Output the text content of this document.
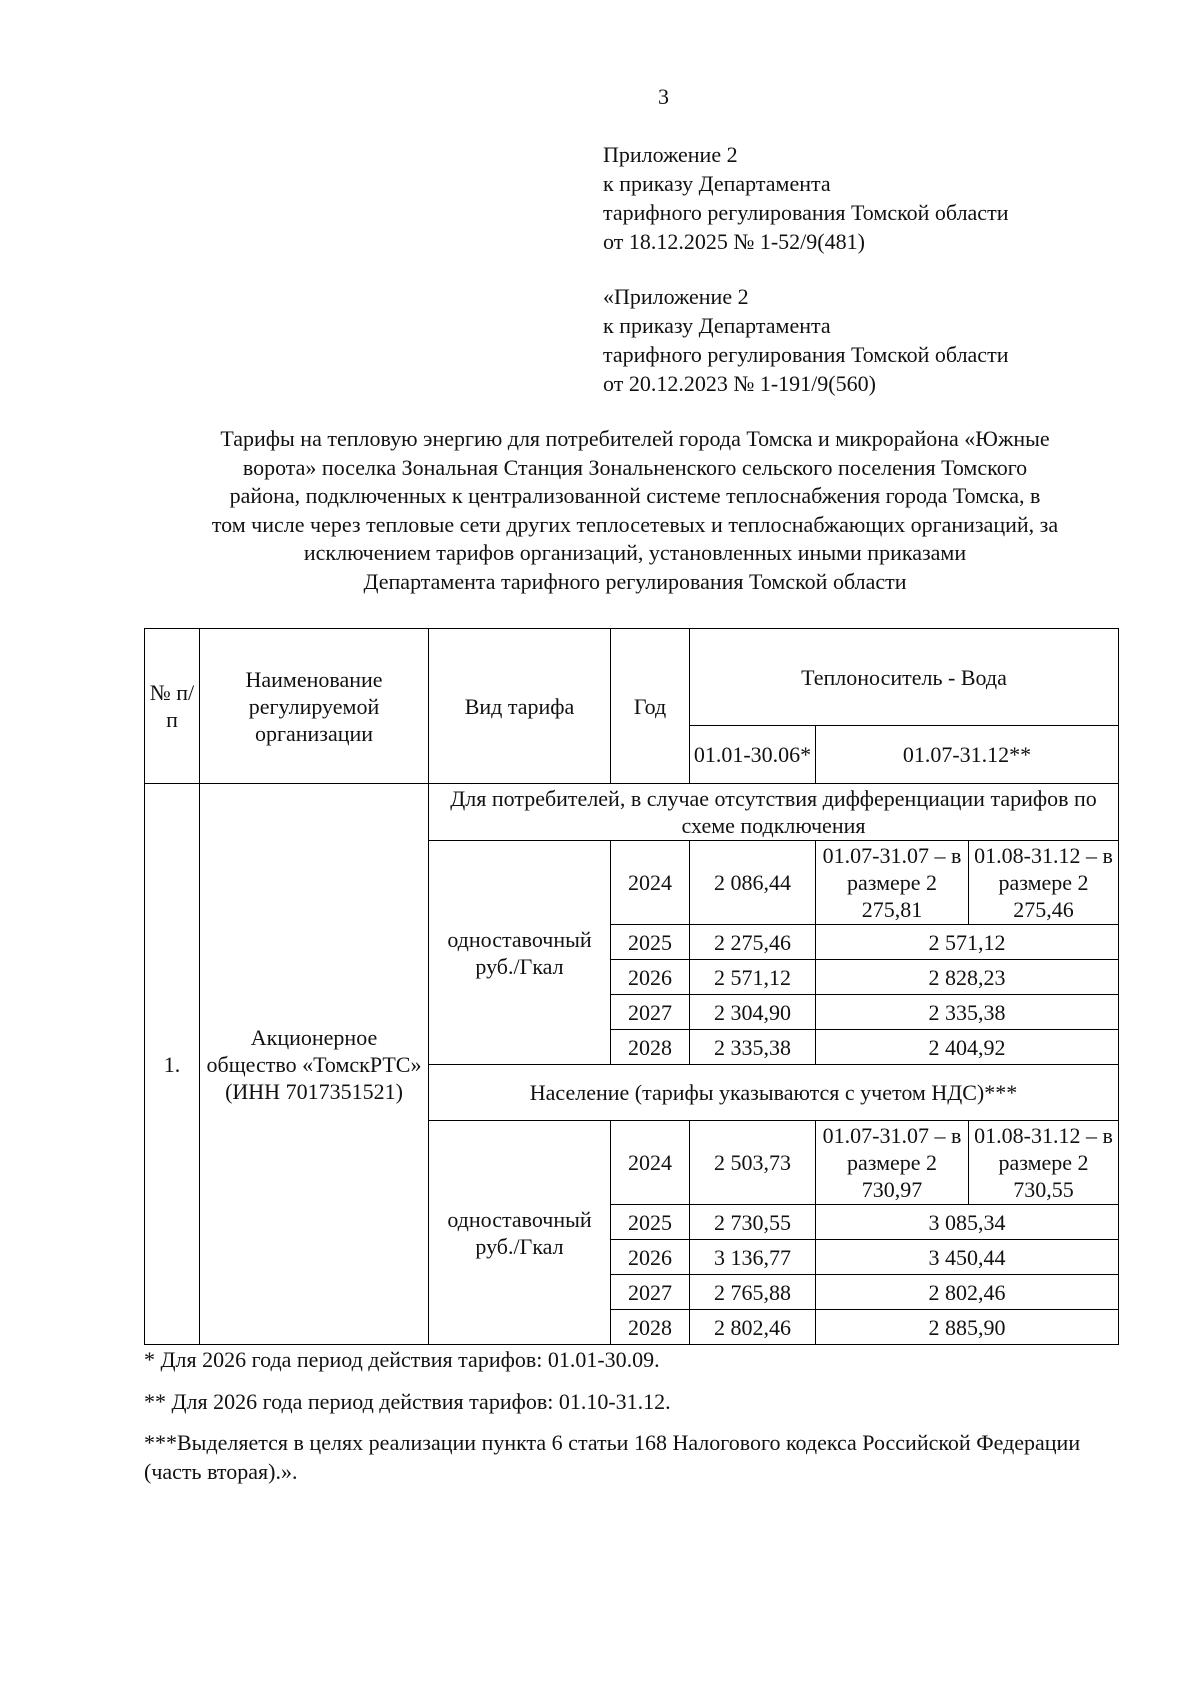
3
Приложение 2
к приказу Департамента
тарифного регулирования Томской области
от 18.12.2025 № 1-52/9(481)
«Приложение 2
к приказу Департамента
тарифного регулирования Томской области
от 20.12.2023 № 1-191/9(560)
Тарифы на тепловую энергию для потребителей города Томска и микрорайона «Южные
ворота» поселка Зональная Станция Зональненского сельского поселения Томского
района, подключенных к централизованной системе теплоснабжения города Томска, в
том числе через тепловые сети других теплосетевых и теплоснабжающих организаций, за
исключением тарифов организаций, установленных иными приказами
Департамента тарифного регулирования Томской области
№ п/п	Наименование регулируемой организации	Вид тарифа	Год	Теплоноситель - Вода		
				01.01-30.06*	01.07-31.12**	
1.	Акционерное общество «ТомскРТС» (ИНН 7017351521)	Для потребителей, в случае отсутствия дифференциации тарифов по схеме подключения				
		одноставочный руб./Гкал	2024	2 086,44	01.07-31.07 – в размере 2 275,81	01.08-31.12 – в размере 2 275,46
			2025	2 275,46	2 571,12	
			2026	2 571,12	2 828,23	
			2027	2 304,90	2 335,38	
			2028	2 335,38	2 404,92	
		Население (тарифы указываются с учетом НДС)***				
		одноставочный руб./Гкал	2024	2 503,73	01.07-31.07 – в размере 2 730,97	01.08-31.12 – в размере 2 730,55
			2025	2 730,55	3 085,34	
			2026	3 136,77	3 450,44	
			2027	2 765,88	2 802,46	
			2028	2 802,46	2 885,90	

* Для 2026 года период действия тарифов: 01.01-30.09.

** Для 2026 года период действия тарифов: 01.10-31.12.

***Выделяется в целях реализации пункта 6 статьи 168 Налогового кодекса Российской Федерации (часть вторая).».
